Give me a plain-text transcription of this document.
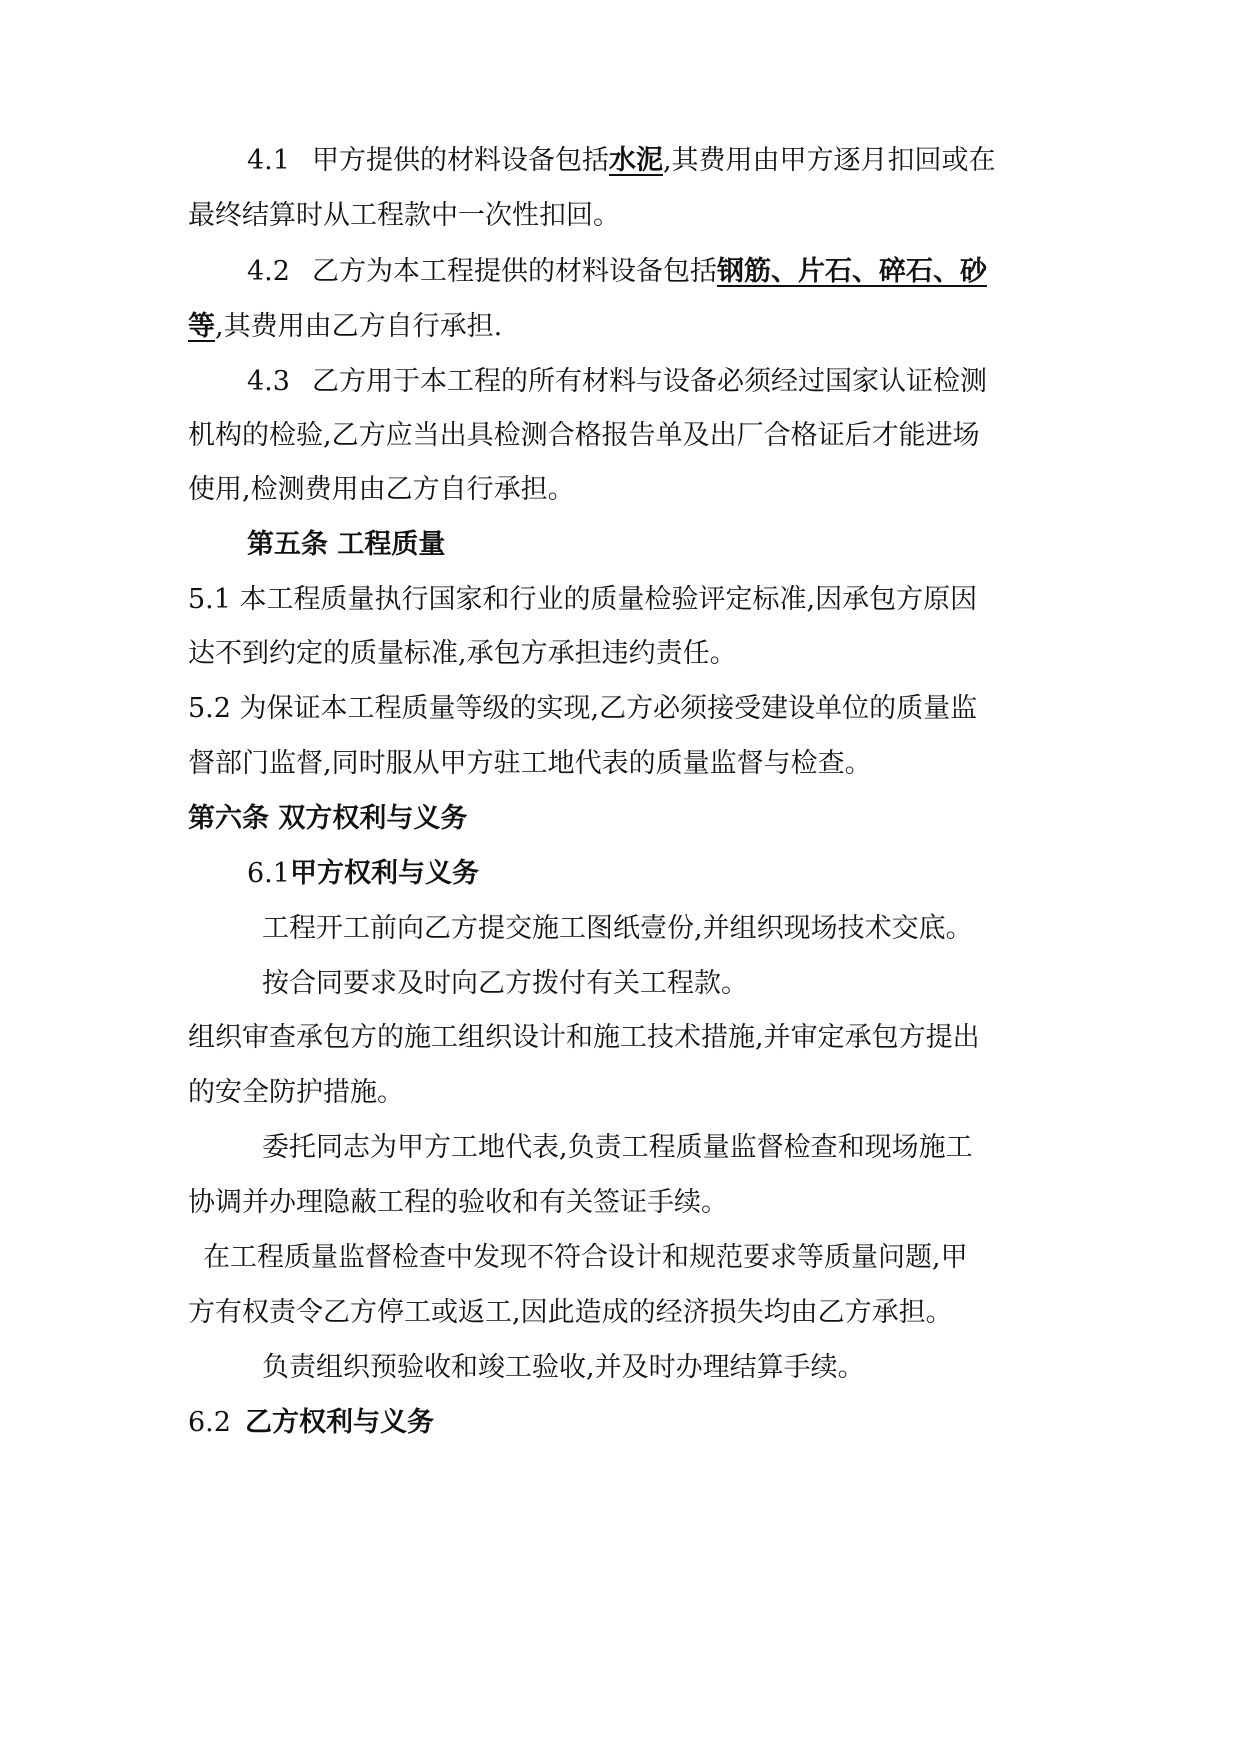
4.1 甲方提供的材料设备包括水泥,其费用由甲方逐月扣回或在
最终结算时从工程款中一次性扣回。
4.2 乙方为本工程提供的材料设备包括钢筋、片石、碎石、砂
等,其费用由乙方自行承担.
4.3 乙方用于本工程的所有材料与设备必须经过国家认证检测
机构的检验,乙方应当出具检测合格报告单及出厂合格证后才能进场
使用,检测费用由乙方自行承担。
第五条 工程质量
5.1 本工程质量执行国家和行业的质量检验评定标准,因承包方原因
达不到约定的质量标准,承包方承担违约责任。
5.2 为保证本工程质量等级的实现,乙方必须接受建设单位的质量监
督部门监督,同时服从甲方驻工地代表的质量监督与检查。
第六条 双方权利与义务
6.1甲方权利与义务
工程开工前向乙方提交施工图纸壹份,并组织现场技术交底。
按合同要求及时向乙方拨付有关工程款。
组织审查承包方的施工组织设计和施工技术措施,并审定承包方提出
的安全防护措施。
委托同志为甲方工地代表,负责工程质量监督检查和现场施工
协调并办理隐蔽工程的验收和有关签证手续。
在工程质量监督检查中发现不符合设计和规范要求等质量问题,甲
方有权责令乙方停工或返工,因此造成的经济损失均由乙方承担。
负责组织预验收和竣工验收,并及时办理结算手续。
6.2 乙方权利与义务
